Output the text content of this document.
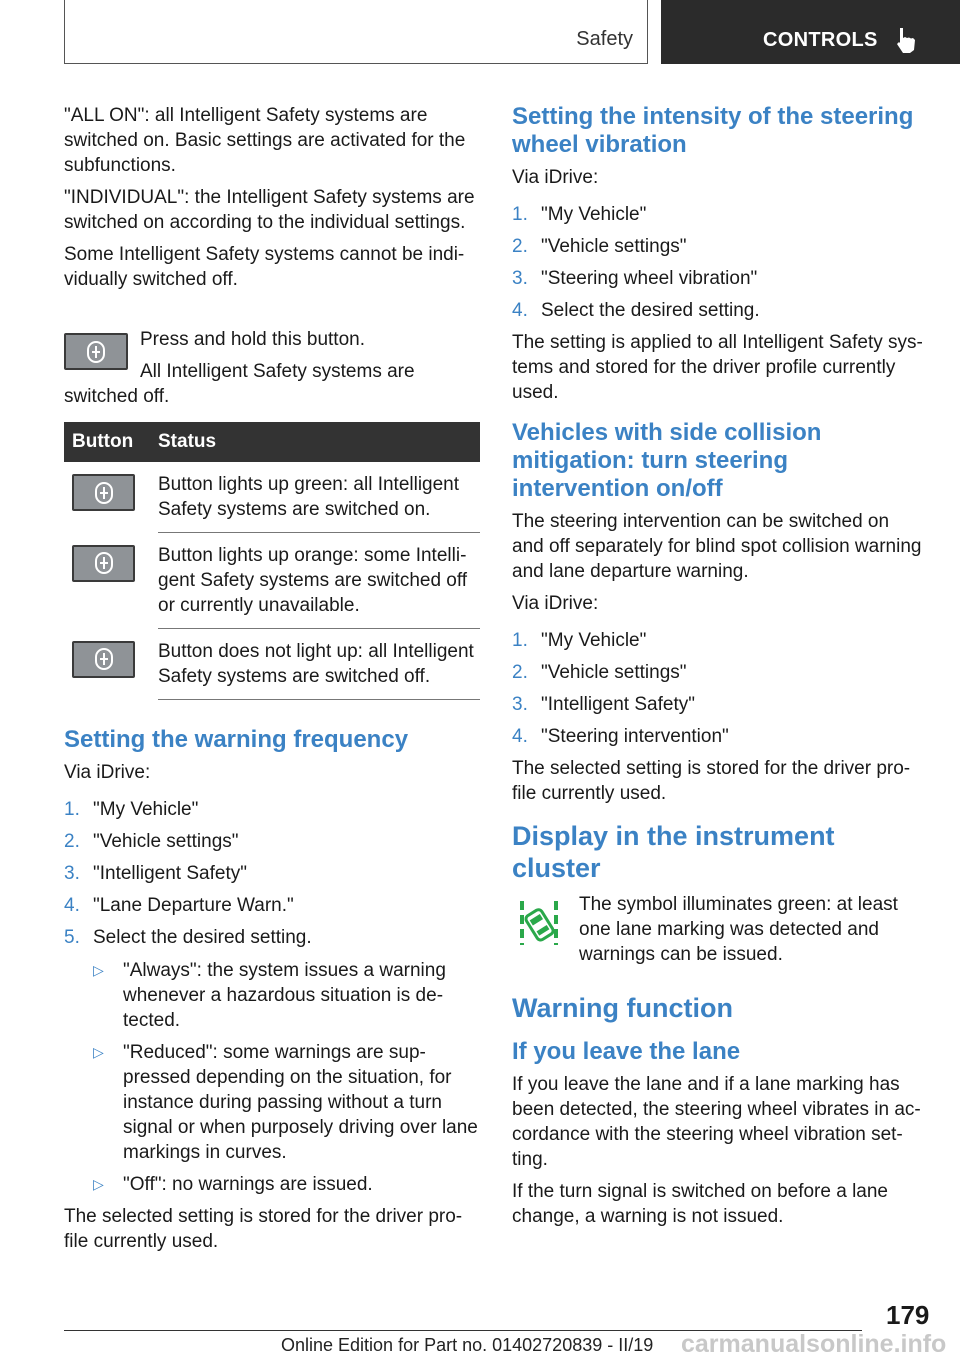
Safety	CONTROLS

"ALL ON": all Intelligent Safety systems are switched on. Basic settings are activated for the subfunctions.

"INDIVIDUAL": the Intelligent Safety systems are switched on according to the individual settings.

Some Intelligent Safety systems cannot be indi-vidually switched off.

Press and hold this button.
All Intelligent Safety systems are
switched off.
Button	Status

	Button lights up green: all Intelligent Safety systems are switched on.

	Button lights up orange: some Intelli-gent Safety systems are switched off or currently unavailable.

	Button does not light up: all Intelligent Safety systems are switched off.
Setting the warning frequency

Via iDrive:

1. "My Vehicle"
2. "Vehicle settings"
3. "Intelligent Safety"
4. "Lane Departure Warn."
5. Select the desired setting.
▷ "Always": the system issues a warning whenever a hazardous situation is de-tected.
▷ "Reduced": some warnings are sup-pressed depending on the situation, for instance during passing without a turn signal or when purposely driving over lane markings in curves.
▷ "Off": no warnings are issued.

The selected setting is stored for the driver pro-file currently used.

Setting the intensity of the steering wheel vibration

Via iDrive:

1. "My Vehicle"
2. "Vehicle settings"
3. "Steering wheel vibration"
4. Select the desired setting.

The setting is applied to all Intelligent Safety sys-tems and stored for the driver profile currently used.

Vehicles with side collision mitigation: turn steering intervention on/off

The steering intervention can be switched on and off separately for blind spot collision warning and lane departure warning.

Via iDrive:

1. "My Vehicle"
2. "Vehicle settings"
3. "Intelligent Safety"
4. "Steering intervention"

The selected setting is stored for the driver pro-file currently used.

Display in the instrument cluster

The symbol illuminates green: at least one lane marking was detected and warnings can be issued.

Warning function
If you leave the lane

If you leave the lane and if a lane marking has been detected, the steering wheel vibrates in ac-cordance with the steering wheel vibration set-ting.

If the turn signal is switched on before a lane change, a warning is not issued.

179
carmanualsonline.info
Online Edition for Part no. 01402720839 - II/19
